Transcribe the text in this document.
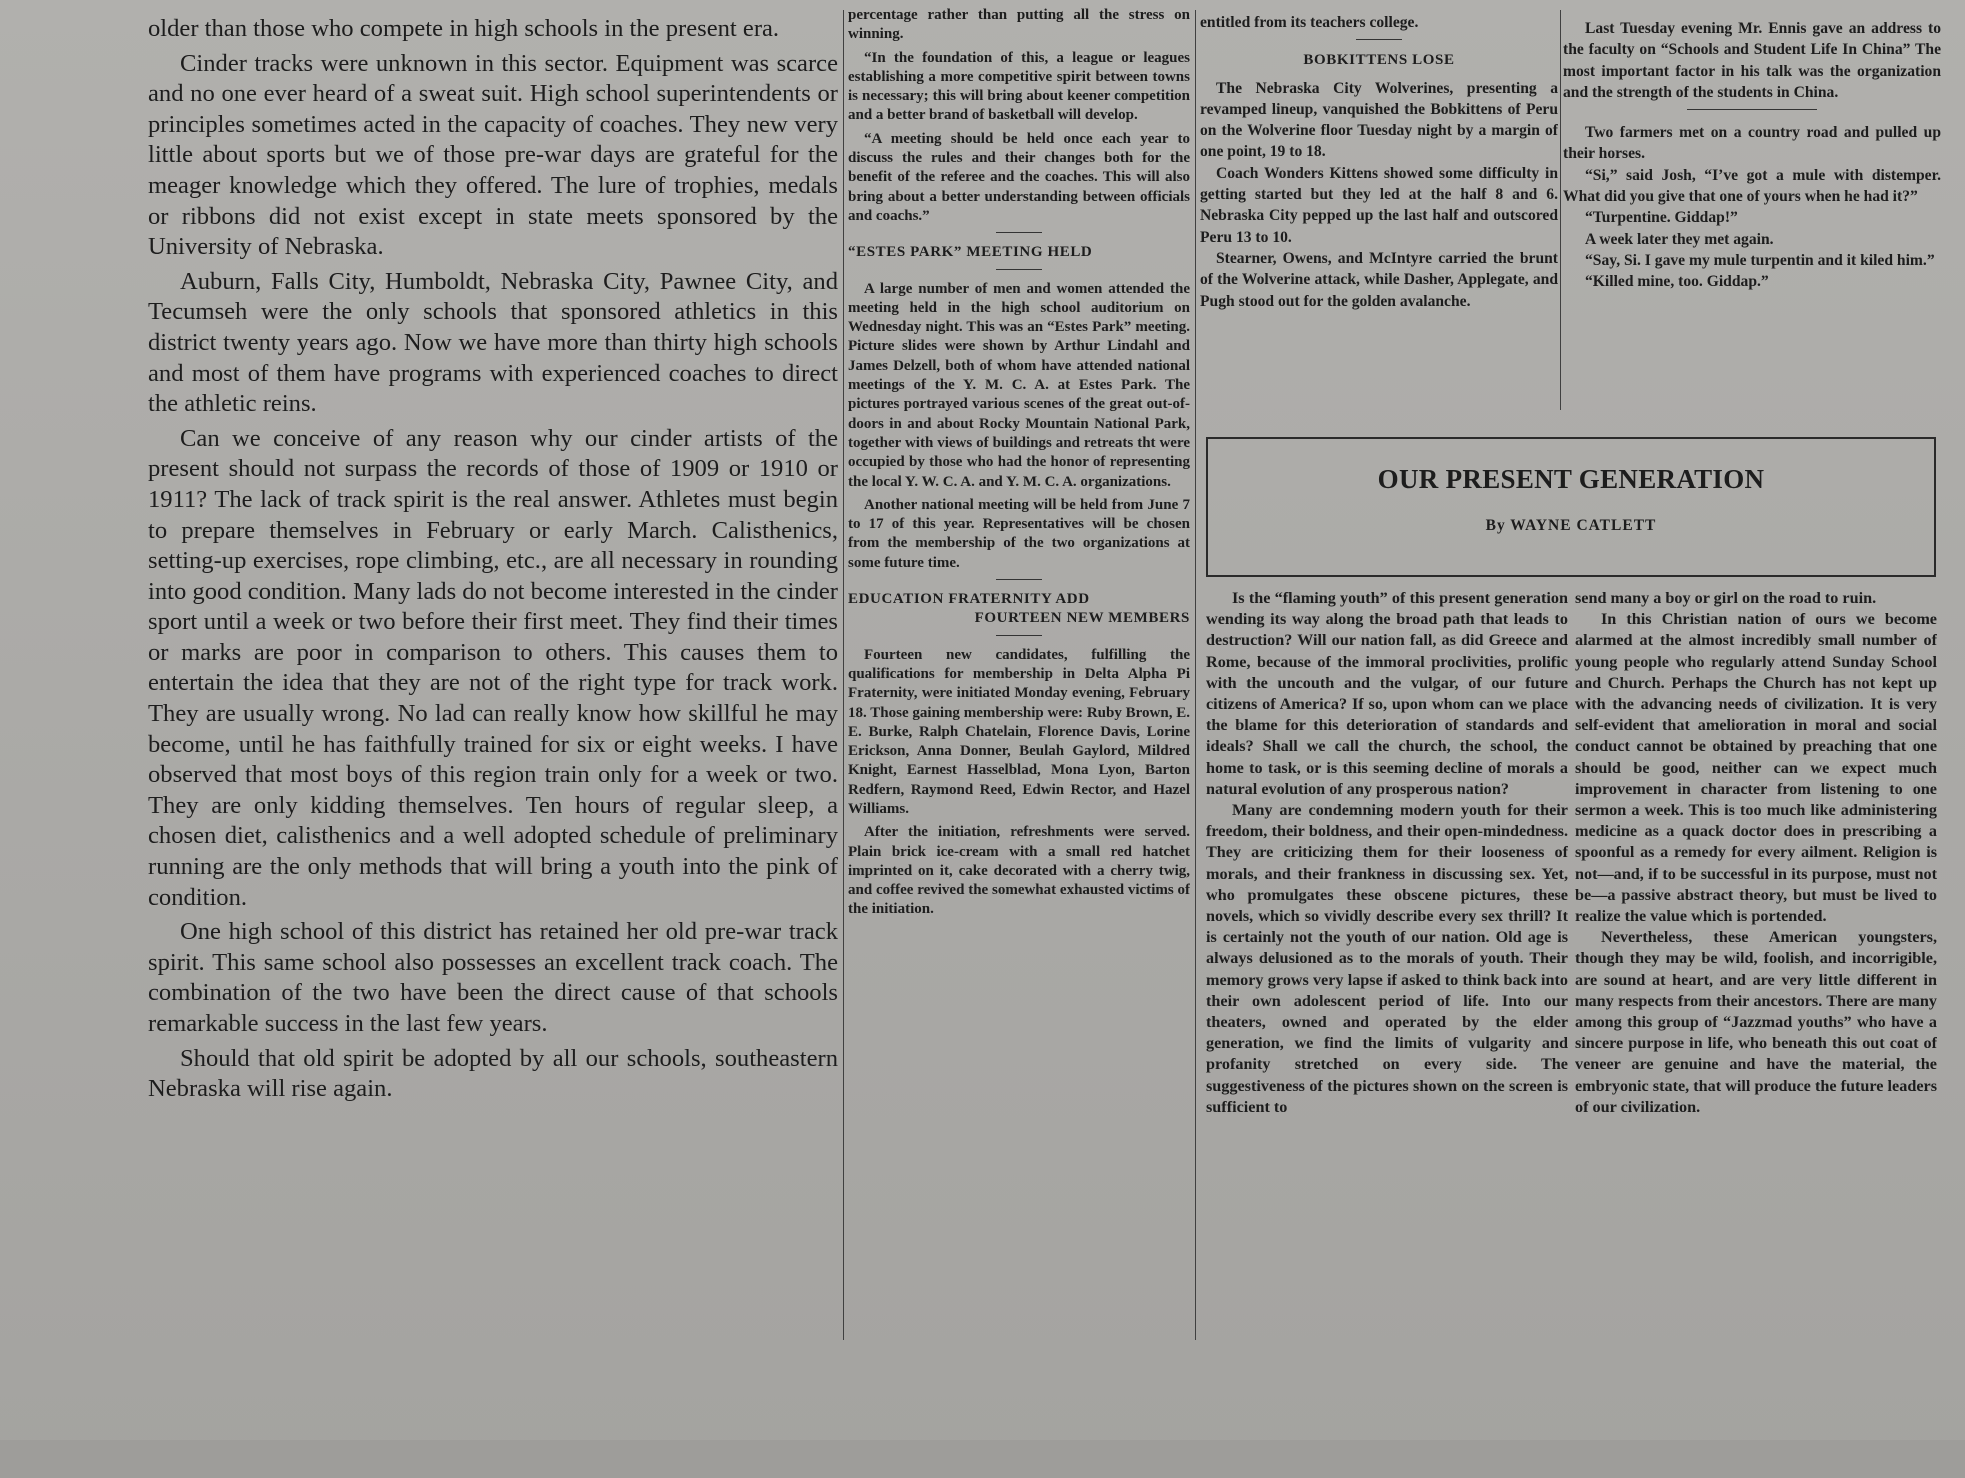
older than those who compete in high schools in the present era.

Cinder tracks were unknown in this sector. Equipment was scarce and no one ever heard of a sweat suit. High school superintendents or principles sometimes acted in the capacity of coaches. They new very little about sports but we of those pre-war days are grateful for the meager knowledge which they offered. The lure of trophies, medals or ribbons did not exist except in state meets sponsored by the University of Nebraska.

Auburn, Falls City, Humboldt, Nebraska City, Pawnee City, and Tecumseh were the only schools that sponsored athletics in this district twenty years ago. Now we have more than thirty high schools and most of them have programs with experienced coaches to direct the athletic reins.

Can we conceive of any reason why our cinder artists of the present should not surpass the records of those of 1909 or 1910 or 1911? The lack of track spirit is the real answer. Athletes must begin to prepare themselves in February or early March. Calisthenics, setting-up exercises, rope climbing, etc., are all necessary in rounding into good condition. Many lads do not become interested in the cinder sport until a week or two before their first meet. They find their times or marks are poor in comparison to others. This causes them to entertain the idea that they are not of the right type for track work. They are usually wrong. No lad can really know how skillful he may become, until he has faithfully trained for six or eight weeks. I have observed that most boys of this region train only for a week or two. They are only kidding themselves. Ten hours of regular sleep, a chosen diet, calisthenics and a well adopted schedule of preliminary running are the only methods that will bring a youth into the pink of condition.

One high school of this district has retained her old pre-war track spirit. This same school also possesses an excellent track coach. The combination of the two have been the direct cause of that schools remarkable success in the last few years.

Should that old spirit be adopted by all our schools, southeastern Nebraska will rise again.

percentage rather than putting all the stress on winning.

“In the foundation of this, a league or leagues establishing a more competitive spirit between towns is necessary; this will bring about keener competition and a better brand of basketball will develop.

“A meeting should be held once each year to discuss the rules and their changes both for the benefit of the referee and the coaches. This will also bring about a better understanding between officials and coachs.”

“ESTES PARK” MEETING HELD

A large number of men and women attended the meeting held in the high school auditorium on Wednesday night. This was an “Estes Park” meeting. Picture slides were shown by Arthur Lindahl and James Delzell, both of whom have attended national meetings of the Y. M. C. A. at Estes Park. The pictures portrayed various scenes of the great out-of-doors in and about Rocky Mountain National Park, together with views of buildings and retreats tht were occupied by those who had the honor of representing the local Y. W. C. A. and Y. M. C. A. organizations.

Another national meeting will be held from June 7 to 17 of this year. Representatives will be chosen from the membership of the two organizations at some future time.

EDUCATION FRATERNITY ADD
FOURTEEN NEW MEMBERS

Fourteen new candidates, fulfilling the qualifications for membership in Delta Alpha Pi Fraternity, were initiated Monday evening, February 18. Those gaining membership were: Ruby Brown, E. E. Burke, Ralph Chatelain, Florence Davis, Lorine Erickson, Anna Donner, Beulah Gaylord, Mildred Knight, Earnest Hasselblad, Mona Lyon, Barton Redfern, Raymond Reed, Edwin Rector, and Hazel Williams.

After the initiation, refreshments were served. Plain brick ice-cream with a small red hatchet imprinted on it, cake decorated with a cherry twig, and coffee revived the somewhat exhausted victims of the initiation.

entitled from its teachers college.

BOBKITTENS LOSE

The Nebraska City Wolverines, presenting a revamped lineup, vanquished the Bobkittens of Peru on the Wolverine floor Tuesday night by a margin of one point, 19 to 18.

Coach Wonders Kittens showed some difficulty in getting started but they led at the half 8 and 6. Nebraska City pepped up the last half and outscored Peru 13 to 10.

Stearner, Owens, and McIntyre carried the brunt of the Wolverine attack, while Dasher, Applegate, and Pugh stood out for the golden avalanche.

Last Tuesday evening Mr. Ennis gave an address to the faculty on “Schools and Student Life In China” The most important factor in his talk was the organization and the strength of the students in China.

Two farmers met on a country road and pulled up their horses.

“Si,” said Josh, “I’ve got a mule with distemper. What did you give that one of yours when he had it?”

“Turpentine. Giddap!”

A week later they met again.

“Say, Si. I gave my mule turpentin and it kiled him.”

“Killed mine, too. Giddap.”

OUR PRESENT GENERATION
By WAYNE CATLETT

Is the “flaming youth” of this present generation wending its way along the broad path that leads to destruction? Will our nation fall, as did Greece and Rome, because of the immoral proclivities, prolific with the uncouth and the vulgar, of our future citizens of America? If so, upon whom can we place the blame for this deterioration of standards and ideals? Shall we call the church, the school, the home to task, or is this seeming decline of morals a natural evolution of any prosperous nation?

Many are condemning modern youth for their freedom, their boldness, and their open-mindedness. They are criticizing them for their looseness of morals, and their frankness in discussing sex. Yet, who promulgates these obscene pictures, these novels, which so vividly describe every sex thrill? It is certainly not the youth of our nation. Old age is always delusioned as to the morals of youth. Their memory grows very lapse if asked to think back into their own adolescent period of life. Into our theaters, owned and operated by the elder generation, we find the limits of vulgarity and profanity stretched on every side. The suggestiveness of the pictures shown on the screen is sufficient to

send many a boy or girl on the road to ruin.

In this Christian nation of ours we become alarmed at the almost incredibly small number of young people who regularly attend Sunday School and Church. Perhaps the Church has not kept up with the advancing needs of civilization. It is very self-evident that amelioration in moral and social conduct cannot be obtained by preaching that one should be good, neither can we expect much improvement in character from listening to one sermon a week. This is too much like administering medicine as a quack doctor does in prescribing a spoonful as a remedy for every ailment. Religion is not—and, if to be successful in its purpose, must not be—a passive abstract theory, but must be lived to realize the value which is portended.

Nevertheless, these American youngsters, though they may be wild, foolish, and incorrigible, are sound at heart, and are very little different in many respects from their ancestors. There are many among this group of “Jazzmad youths” who have a sincere purpose in life, who beneath this out coat of veneer are genuine and have the material, the embryonic state, that will produce the future leaders of our civilization.
